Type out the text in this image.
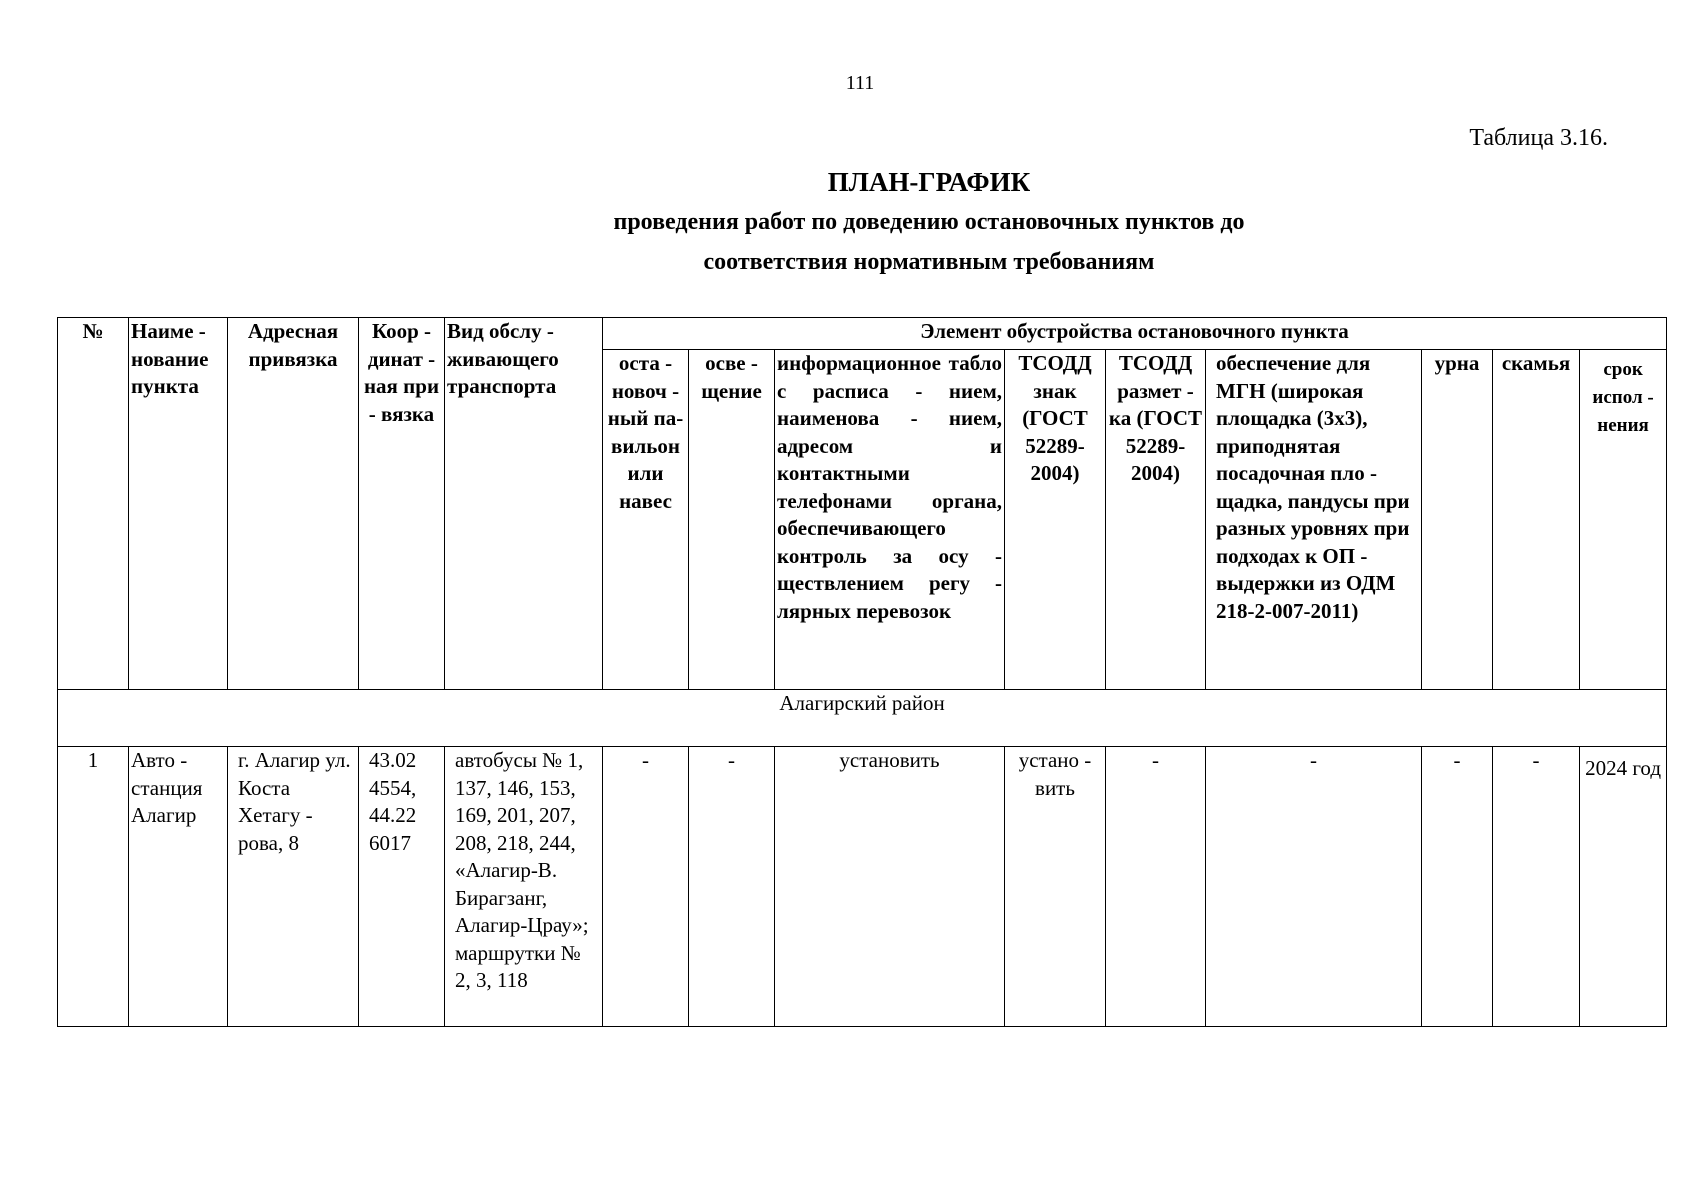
111
Таблица 3.16.
ПЛАН-ГРАФИК
проведения работ по доведению остановочных пунктов до
соответствия нормативным требованиям
№	Наиме - нование пункта	Адресная привязка	Коор - динат - ная при - вязка	Вид обслу - живающего транспорта	Элемент обустройства остановочного пункта								
					оста - новоч - ный па-вильон или навес	осве - щение	информационное табло с расписа - нием, наименова - нием, адресом и контактными телефонами органа, обеспечивающего контроль за осу - ществлением регу - лярных перевозок	ТСОДД знак (ГОСТ 52289-2004)	ТСОДД размет - ка (ГОСТ 52289-2004)	обеспечение для МГН (широкая площадка (3х3), приподнятая посадочная пло - щадка, пандусы при разных уровнях при подходах к ОП - выдержки из ОДМ 218-2-007-2011)	урна	скамья	срок испол - нения
Алагирский район													
1	Авто - станция Алагир	г. Алагир ул. Коста Хетагу - рова, 8	43.02 4554, 44.22 6017	автобусы № 1, 137, 146, 153, 169, 201, 207, 208, 218, 244, «Алагир-В. Бирагзанг, Алагир-Црау»; маршрутки № 2, 3, 118	-	-	установить	устано - вить	-	-	-	-	2024 год
